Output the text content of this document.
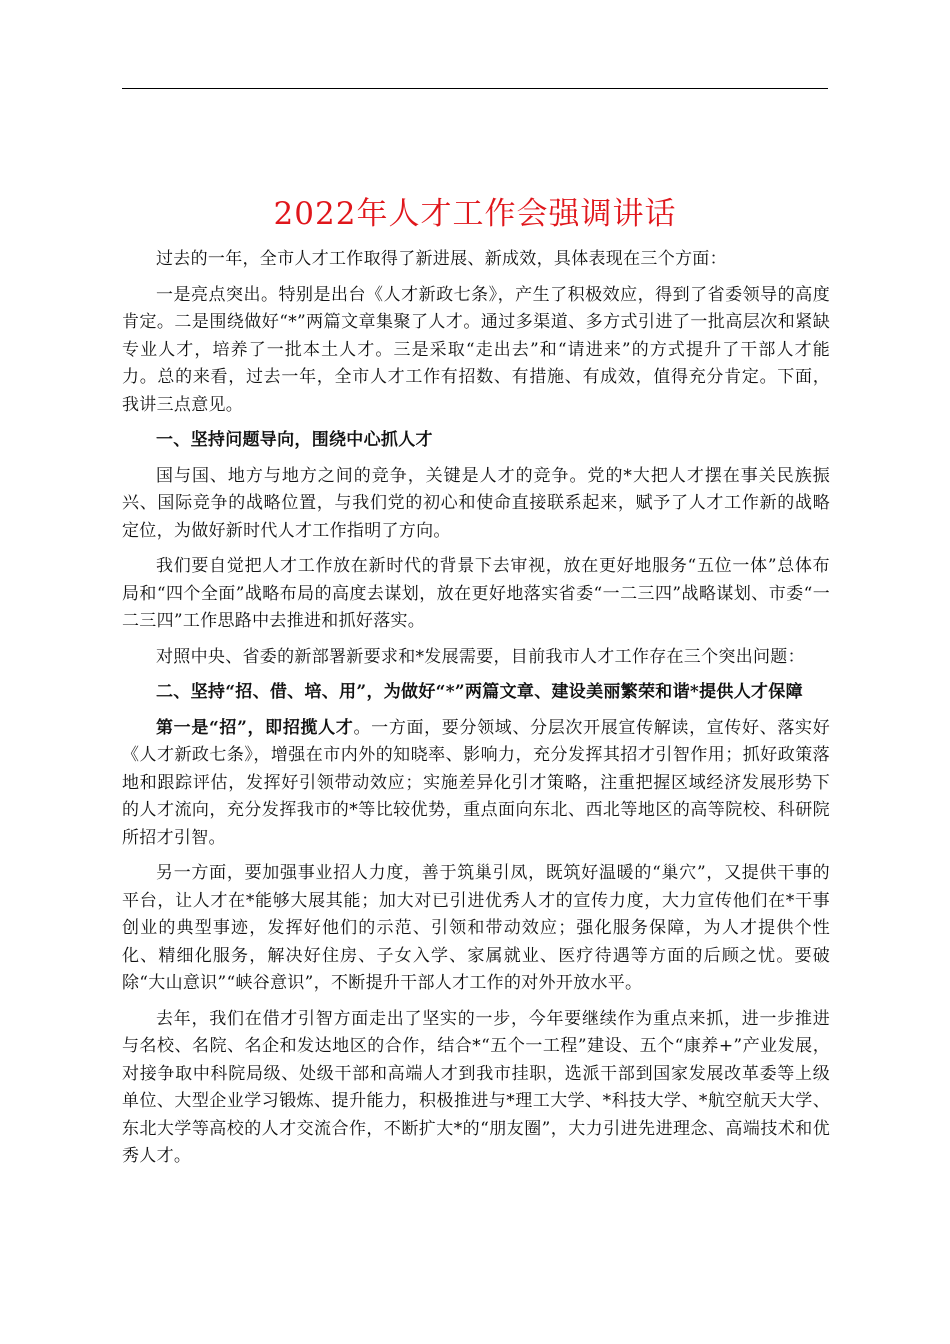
2022年人才工作会强调讲话

过去的一年，全市人才工作取得了新进展、新成效，具体表现在三个方面：

一是亮点突出。特别是出台《人才新政七条》，产生了积极效应，得到了省委领导的高度肯定。二是围绕做好“*”两篇文章集聚了人才。通过多渠道、多方式引进了一批高层次和紧缺专业人才，培养了一批本土人才。三是采取“走出去”和“请进来”的方式提升了干部人才能力。总的来看，过去一年，全市人才工作有招数、有措施、有成效，值得充分肯定。下面，我讲三点意见。

一、坚持问题导向，围绕中心抓人才

国与国、地方与地方之间的竞争，关键是人才的竞争。党的*大把人才摆在事关民族振兴、国际竞争的战略位置，与我们党的初心和使命直接联系起来，赋予了人才工作新的战略定位，为做好新时代人才工作指明了方向。

我们要自觉把人才工作放在新时代的背景下去审视，放在更好地服务“五位一体”总体布局和“四个全面”战略布局的高度去谋划，放在更好地落实省委“一二三四”战略谋划、市委“一二三四”工作思路中去推进和抓好落实。

对照中央、省委的新部署新要求和*发展需要，目前我市人才工作存在三个突出问题：

二、坚持“招、借、培、用”，为做好“*”两篇文章、建设美丽繁荣和谐*提供人才保障

第一是“招”，即招揽人才。一方面，要分领域、分层次开展宣传解读，宣传好、落实好《人才新政七条》，增强在市内外的知晓率、影响力，充分发挥其招才引智作用；抓好政策落地和跟踪评估，发挥好引领带动效应；实施差异化引才策略，注重把握区域经济发展形势下的人才流向，充分发挥我市的*等比较优势，重点面向东北、西北等地区的高等院校、科研院所招才引智。

另一方面，要加强事业招人力度，善于筑巢引凤，既筑好温暖的“巢穴”，又提供干事的平台，让人才在*能够大展其能；加大对已引进优秀人才的宣传力度，大力宣传他们在*干事创业的典型事迹，发挥好他们的示范、引领和带动效应；强化服务保障，为人才提供个性化、精细化服务，解决好住房、子女入学、家属就业、医疗待遇等方面的后顾之忧。要破除“大山意识”“峡谷意识”，不断提升干部人才工作的对外开放水平。

去年，我们在借才引智方面走出了坚实的一步，今年要继续作为重点来抓，进一步推进与名校、名院、名企和发达地区的合作，结合*“五个一工程”建设、五个“康养+”产业发展，对接争取中科院局级、处级干部和高端人才到我市挂职，选派干部到国家发展改革委等上级单位、大型企业学习锻炼、提升能力，积极推进与*理工大学、*科技大学、*航空航天大学、东北大学等高校的人才交流合作，不断扩大*的“朋友圈”，大力引进先进理念、高端技术和优秀人才。
